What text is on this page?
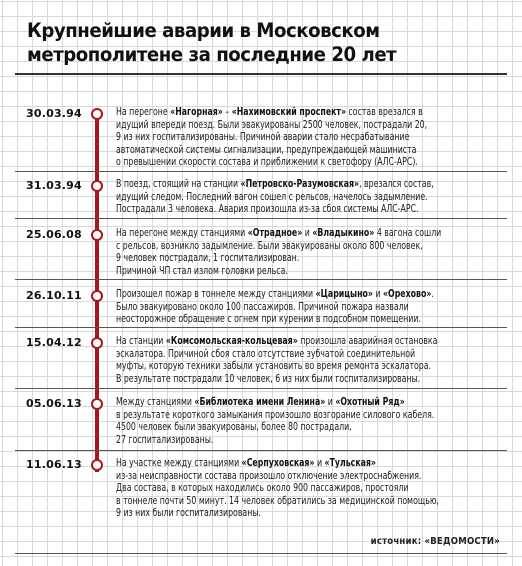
Крупнейшие аварии в Московском
метрополитене за последние 20 лет
30.03.94	На перегоне «Нагорная» – «Нахимовский проспект» состав врезался в
идущий впереди поезд. Были эвакуированы 2500 человек, пострадали 20,
9 из них госпитализированы. Причиной аварии стало несрабатывание
автоматической системы сигнализации, предупреждающей машиниста
о превышении скорости состава и приближении к светофору (АЛС-АРС).
31.03.94	В поезд, стоящий на станции «Петровско-Разумовская», врезался состав,
идущий следом. Последний вагон сошел с рельсов, начелось задымление.
Пострадали 3 человека. Авария произошла из-за сбоя системы АЛС-АРС.
25.06.08	На перегоне между станциями «Отрадное» и «Владыкино» 4 вагона сошли
с рельсов, возникло задымление. Были эвакуированы около 800 человек,
9 человек пострадали, 1 госпитализирован.
Причиной ЧП стал излом головки рельса.
26.10.11	Произошел пожар в тоннеле между станциями «Царицыно» и «Орехово».
Было эвакуировано около 100 пассажиров. Причиной пожара назвали
неосторожное обращение с огнем при курении в подсобном помещении.
15.04.12	На станции «Комсомольская-кольцевая» произошла аварийная остановка
эскалатора. Причиной сбоя стало отсутствие зубчатой соединительной
муфты, которую техники забыли установить во время ремонта эскалатора.
В результате пострадали 10 человек, 6 из них были госпитализированы.
05.06.13	Между станциями «Библиотека имени Ленина» и «Охотный Ряд»
в результате короткого замыкания произошло возгорание силового кабеля.
4500 человек были эвакуированы, более 80 пострадали,
27 госпитализированы.
11.06.13	На участке между станциями «Серпуховская» и «Тульская»
из-за неисправности состава произошло отключение электроснабжения.
Два состава, в которых находились около 900 пассажиров, простояли
в тоннеле почти 50 минут. 14 человек обратились за медицинской помощью,
9 из них были госпитализированы.
источник: «ВЕДОМОСТИ»
